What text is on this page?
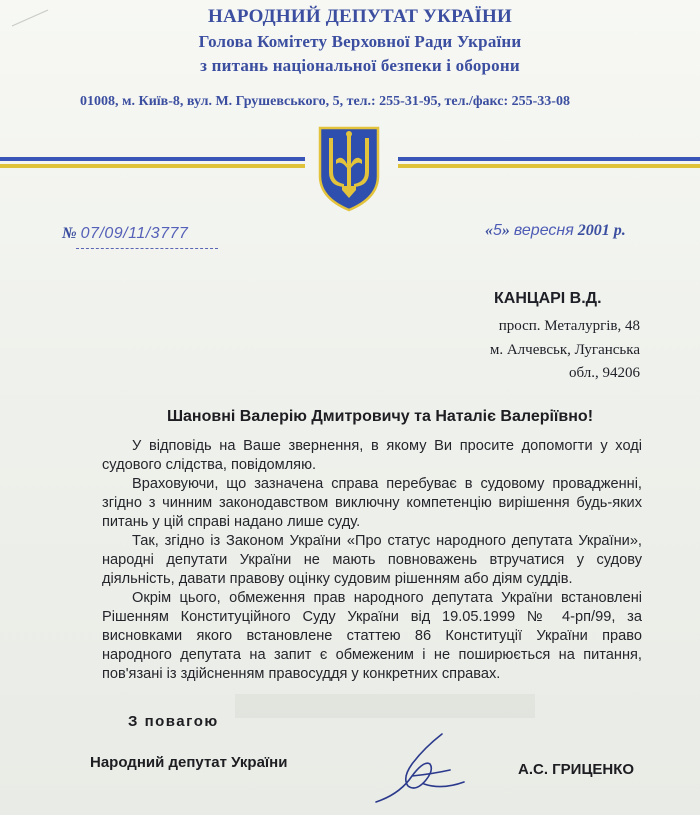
НАРОДНИЙ ДЕПУТАТ УКРАЇНИ
Голова Комітету Верховної Ради України
з питань національної безпеки і оборони
01008, м. Київ-8, вул. М. Грушевського, 5, тел.: 255-31-95, тел./факс: 255-33-08
№ 07/09/11/3777	«5» вересня 2001 р.
КАНЦАРІ В.Д.
просп. Металургів, 48
м. Алчевськ, Луганська
обл., 94206
Шановні Валерію Дмитровичу та Наталіє Валеріївно!

У відповідь на Ваше звернення, в якому Ви просите допомогти у ході судового слідства, повідомляю.

Враховуючи, що зазначена справа перебуває в судовому провадженні, згідно з чинним законодавством виключну компетенцію вирішення будь-яких питань у цій справі надано лише суду.

Так, згідно із Законом України «Про статус народного депутата України», народні депутати України не мають повноважень втручатися у судову діяльність, давати правову оцінку судовим рішенням або діям суддів.

Окрім цього, обмеження прав народного депутата України встановлені Рішенням Конституційного Суду України від 19.05.1999 № 4-рп/99, за висновками якого встановлене статтею 86 Конституції України право народного депутата на запит є обмеженим і не поширюється на питання, пов'язані із здійсненням правосуддя у конкретних справах.

З повагою
Народний депутат України	А.С. ГРИЦЕНКО
